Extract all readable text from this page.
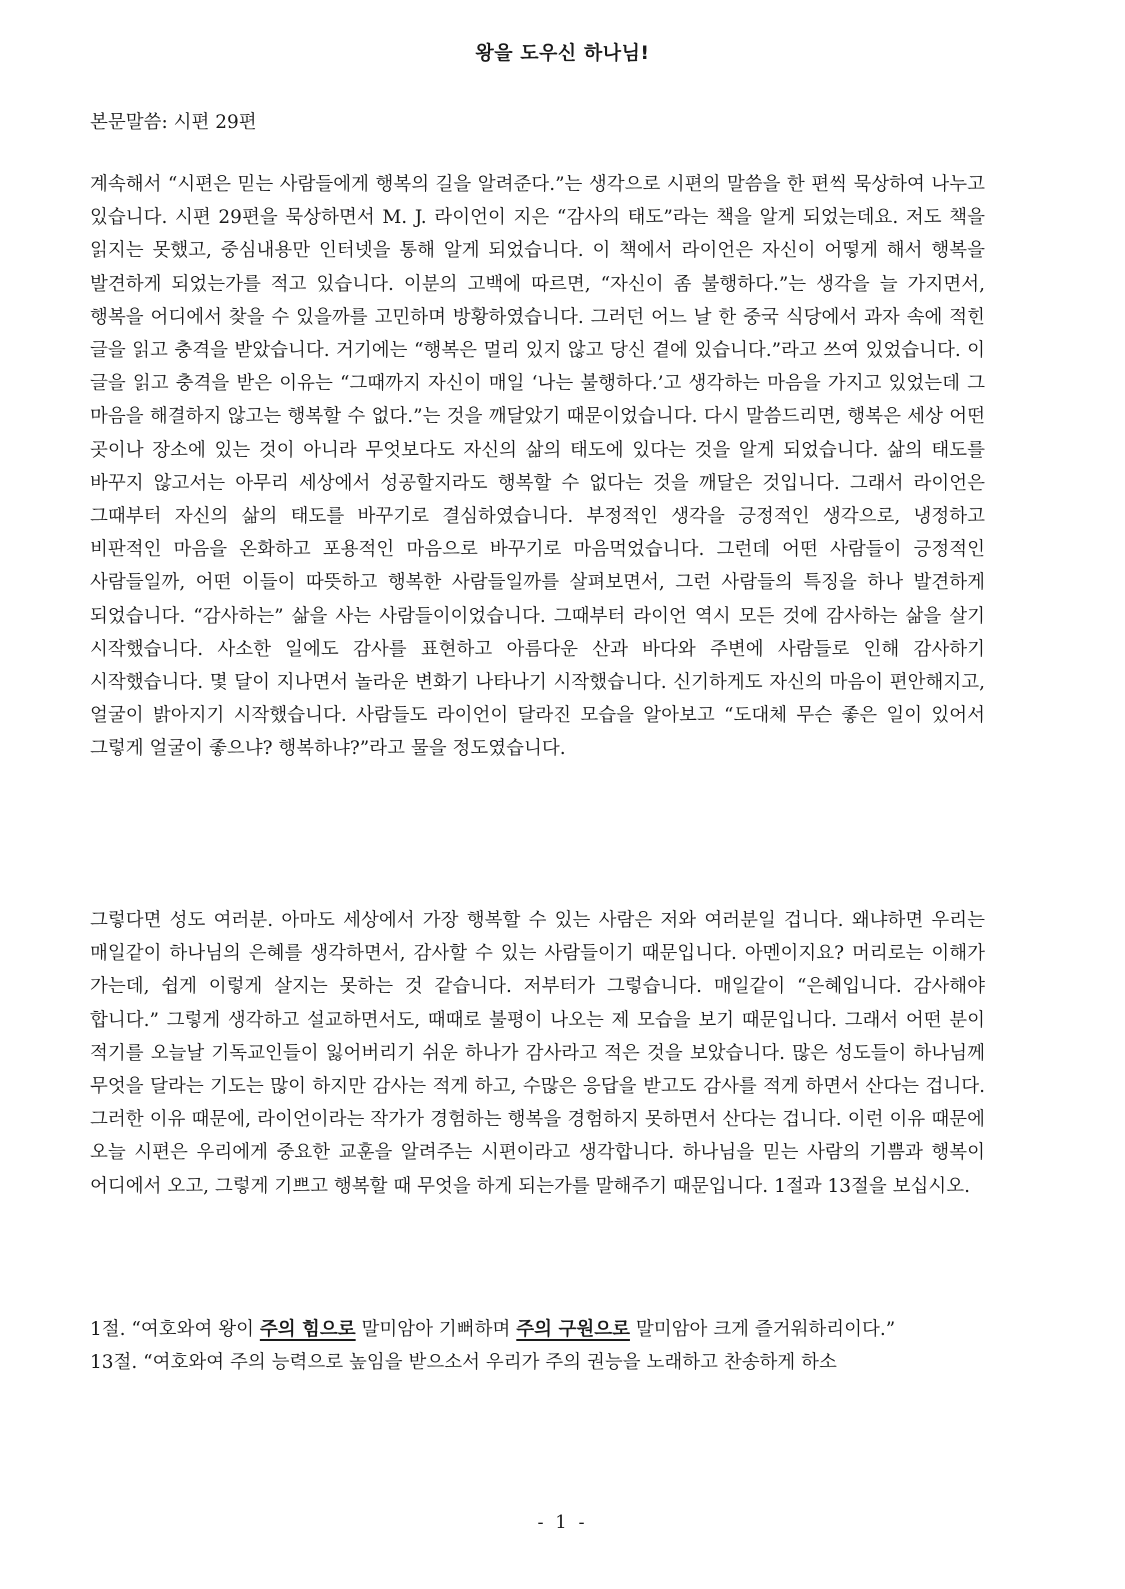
왕을 도우신 하나님!
본문말씀: 시편 29편

계속해서 “시편은 믿는 사람들에게 행복의 길을 알려준다.”는 생각으로 시편의 말씀을 한 편씩 묵상하여 나누고 있습니다. 시편 29편을 묵상하면서 M. J. 라이언이 지은 “감사의 태도”라는 책을 알게 되었는데요. 저도 책을 읽지는 못했고, 중심내용만 인터넷을 통해 알게 되었습니다. 이 책에서 라이언은 자신이 어떻게 해서 행복을 발견하게 되었는가를 적고 있습니다. 이분의 고백에 따르면, “자신이 좀 불행하다.”는 생각을 늘 가지면서, 행복을 어디에서 찾을 수 있을까를 고민하며 방황하였습니다. 그러던 어느 날 한 중국 식당에서 과자 속에 적힌 글을 읽고 충격을 받았습니다. 거기에는 “행복은 멀리 있지 않고 당신 곁에 있습니다.”라고 쓰여 있었습니다. 이 글을 읽고 충격을 받은 이유는 “그때까지 자신이 매일 ‘나는 불행하다.’고 생각하는 마음을 가지고 있었는데 그 마음을 해결하지 않고는 행복할 수 없다.”는 것을 깨달았기 때문이었습니다. 다시 말씀드리면, 행복은 세상 어떤 곳이나 장소에 있는 것이 아니라 무엇보다도 자신의 삶의 태도에 있다는 것을 알게 되었습니다. 삶의 태도를 바꾸지 않고서는 아무리 세상에서 성공할지라도 행복할 수 없다는 것을 깨달은 것입니다. 그래서 라이언은 그때부터 자신의 삶의 태도를 바꾸기로 결심하였습니다. 부정적인 생각을 긍정적인 생각으로, 냉정하고 비판적인 마음을 온화하고 포용적인 마음으로 바꾸기로 마음먹었습니다. 그런데 어떤 사람들이 긍정적인 사람들일까, 어떤 이들이 따뜻하고 행복한 사람들일까를 살펴보면서, 그런 사람들의 특징을 하나 발견하게 되었습니다. “감사하는” 삶을 사는 사람들이이었습니다. 그때부터 라이언 역시 모든 것에 감사하는 삶을 살기 시작했습니다. 사소한 일에도 감사를 표현하고 아름다운 산과 바다와 주변에 사람들로 인해 감사하기 시작했습니다. 몇 달이 지나면서 놀라운 변화기 나타나기 시작했습니다. 신기하게도 자신의 마음이 편안해지고, 얼굴이 밝아지기 시작했습니다. 사람들도 라이언이 달라진 모습을 알아보고 “도대체 무슨 좋은 일이 있어서 그렇게 얼굴이 좋으냐? 행복하냐?”라고 물을 정도였습니다.

그렇다면 성도 여러분. 아마도 세상에서 가장 행복할 수 있는 사람은 저와 여러분일 겁니다. 왜냐하면 우리는 매일같이 하나님의 은혜를 생각하면서, 감사할 수 있는 사람들이기 때문입니다. 아멘이지요? 머리로는 이해가 가는데, 쉽게 이렇게 살지는 못하는 것 같습니다. 저부터가 그렇습니다. 매일같이 “은혜입니다. 감사해야 합니다.” 그렇게 생각하고 설교하면서도, 때때로 불평이 나오는 제 모습을 보기 때문입니다. 그래서 어떤 분이 적기를 오늘날 기독교인들이 잃어버리기 쉬운 하나가 감사라고 적은 것을 보았습니다. 많은 성도들이 하나님께 무엇을 달라는 기도는 많이 하지만 감사는 적게 하고, 수많은 응답을 받고도 감사를 적게 하면서 산다는 겁니다. 그러한 이유 때문에, 라이언이라는 작가가 경험하는 행복을 경험하지 못하면서 산다는 겁니다. 이런 이유 때문에 오늘 시편은 우리에게 중요한 교훈을 알려주는 시편이라고 생각합니다. 하나님을 믿는 사람의 기쁨과 행복이 어디에서 오고, 그렇게 기쁘고 행복할 때 무엇을 하게 되는가를 말해주기 때문입니다. 1절과 13절을 보십시오.

1절. “여호와여 왕이 주의 힘으로 말미암아 기뻐하며 주의 구원으로 말미암아 크게 즐거워하리이다.”

13절. “여호와여 주의 능력으로 높임을 받으소서 우리가 주의 권능을 노래하고 찬송하게 하소

- 1 -
